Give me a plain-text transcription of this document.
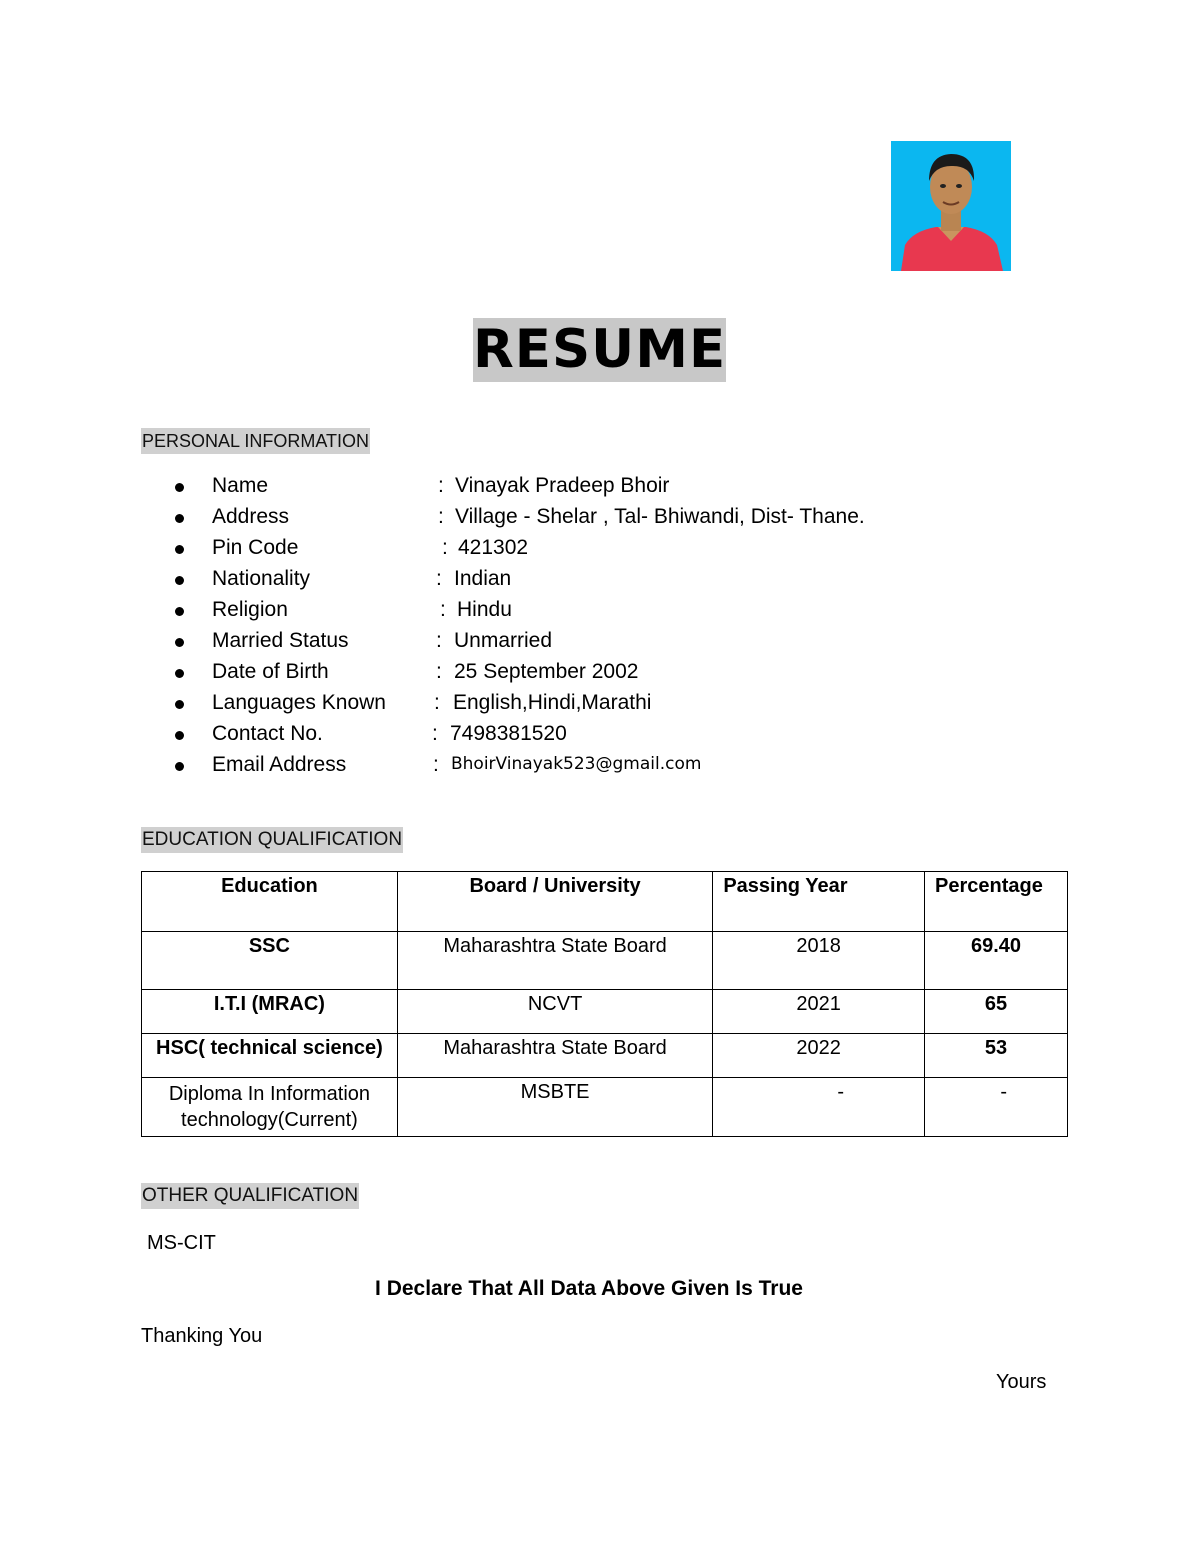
RESUME
PERSONAL INFORMATION
Name	: Vinayak Pradeep Bhoir
Address	: Village - Shelar , Tal- Bhiwandi, Dist- Thane.
Pin Code	: 421302
Nationality	: Indian
Religion	: Hindu
Married Status	: Unmarried
Date of Birth	: 25 September 2002
Languages Known : English,Hindi,Marathi
Contact No.	: 7498381520
Email Address	: BhoirVinayak523@gmail.com
EDUCATION QUALIFICATION
Education	Board / University	Passing Year	Percentage
SSC	Maharashtra State Board	2018	69.40
I.T.I (MRAC)	NCVT	2021	65
HSC( technical science)	Maharashtra State Board	2022	53
Diploma In Information technology(Current)	MSBTE	-	-
OTHER QUALIFICATION
MS-CIT
I Declare That All Data Above Given Is True
Thanking You
Yours
